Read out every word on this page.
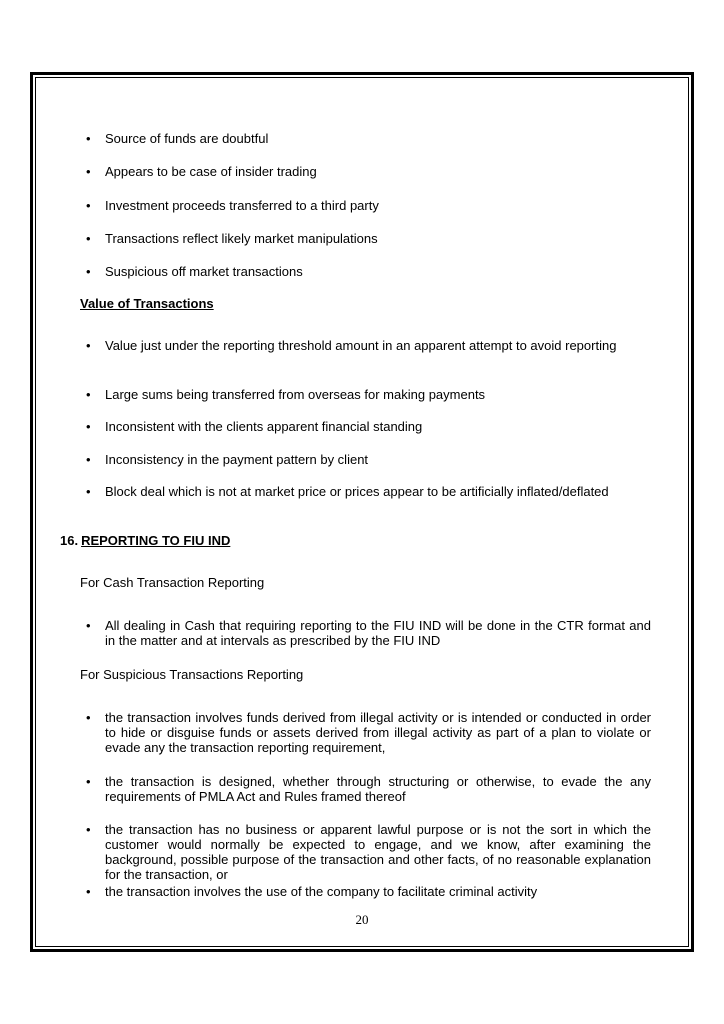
• Source of funds are doubtful
• Appears to be case of insider trading
• Investment proceeds transferred to a third party
• Transactions reflect likely market manipulations
• Suspicious off market transactions
Value of Transactions
• Value just under the reporting threshold amount in an apparent attempt to avoid reporting
• Large sums being transferred from overseas for making payments
• Inconsistent with the clients apparent financial standing
• Inconsistency in the payment pattern by client
• Block deal which is not at market price or prices appear to be artificially inflated/deflated
16. REPORTING TO FIU IND
For Cash Transaction Reporting
• All dealing in Cash that requiring reporting to the FIU IND will be done in the CTR format and in the matter and at intervals as prescribed by the FIU IND
For Suspicious Transactions Reporting
• the transaction involves funds derived from illegal activity or is intended or conducted in order to hide or disguise funds or assets derived from illegal activity as part of a plan to violate or evade any the transaction reporting requirement,
• the transaction is designed, whether through structuring or otherwise, to evade the any requirements of PMLA Act and Rules framed thereof
• the transaction has no business or apparent lawful purpose or is not the sort in which the customer would normally be expected to engage, and we know, after examining the background, possible purpose of the transaction and other facts, of no reasonable explanation for the transaction, or
• the transaction involves the use of the company to facilitate criminal activity
20
